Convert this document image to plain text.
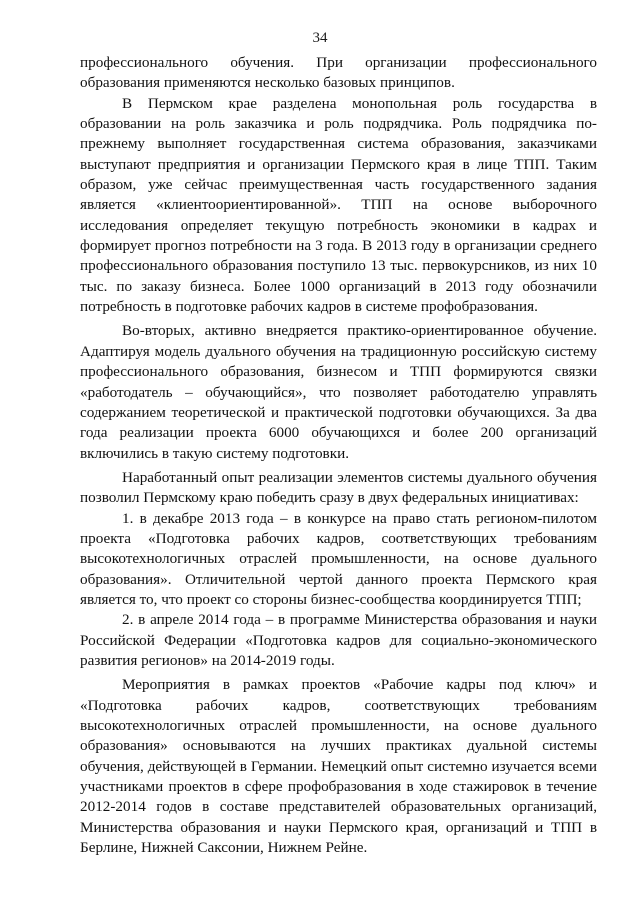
34

профессионального обучения. При организации профессионального образования применяются несколько базовых принципов.

В Пермском крае разделена монопольная роль государства в образовании на роль заказчика и роль подрядчика. Роль подрядчика по-прежнему выполняет государственная система образования, заказчиками выступают предприятия и организации Пермского края в лице ТПП. Таким образом, уже сейчас преимущественная часть государственного задания является «клиентоориентированной». ТПП на основе выборочного исследования определяет текущую потребность экономики в кадрах и формирует прогноз потребности на 3 года. В 2013 году в организации среднего профессионального образования поступило 13 тыс. первокурсников, из них 10 тыс. по заказу бизнеса. Более 1000 организаций в 2013 году обозначили потребность в подготовке рабочих кадров в системе профобразования.

Во-вторых, активно внедряется практико-ориентированное обучение. Адаптируя модель дуального обучения на традиционную российскую систему профессионального образования, бизнесом и ТПП формируются связки «работодатель – обучающийся», что позволяет работодателю управлять содержанием теоретической и практической подготовки обучающихся. За два года реализации проекта 6000 обучающихся и более 200 организаций включились в такую систему подготовки.

Наработанный опыт реализации элементов системы дуального обучения позволил Пермскому краю победить сразу в двух федеральных инициативах:

1. в декабре 2013 года – в конкурсе на право стать регионом-пилотом проекта «Подготовка рабочих кадров, соответствующих требованиям высокотехнологичных отраслей промышленности, на основе дуального образования». Отличительной чертой данного проекта Пермского края является то, что проект со стороны бизнес-сообщества координируется ТПП;

2. в апреле 2014 года – в программе Министерства образования и науки Российской Федерации «Подготовка кадров для социально-экономического развития регионов» на 2014-2019 годы.

Мероприятия в рамках проектов «Рабочие кадры под ключ» и «Подготовка рабочих кадров, соответствующих требованиям высокотехнологичных отраслей промышленности, на основе дуального образования» основываются на лучших практиках дуальной системы обучения, действующей в Германии. Немецкий опыт системно изучается всеми участниками проектов в сфере профобразования в ходе стажировок в течение 2012-2014 годов в составе представителей образовательных организаций, Министерства образования и науки Пермского края, организаций и ТПП в Берлине, Нижней Саксонии, Нижнем Рейне.
